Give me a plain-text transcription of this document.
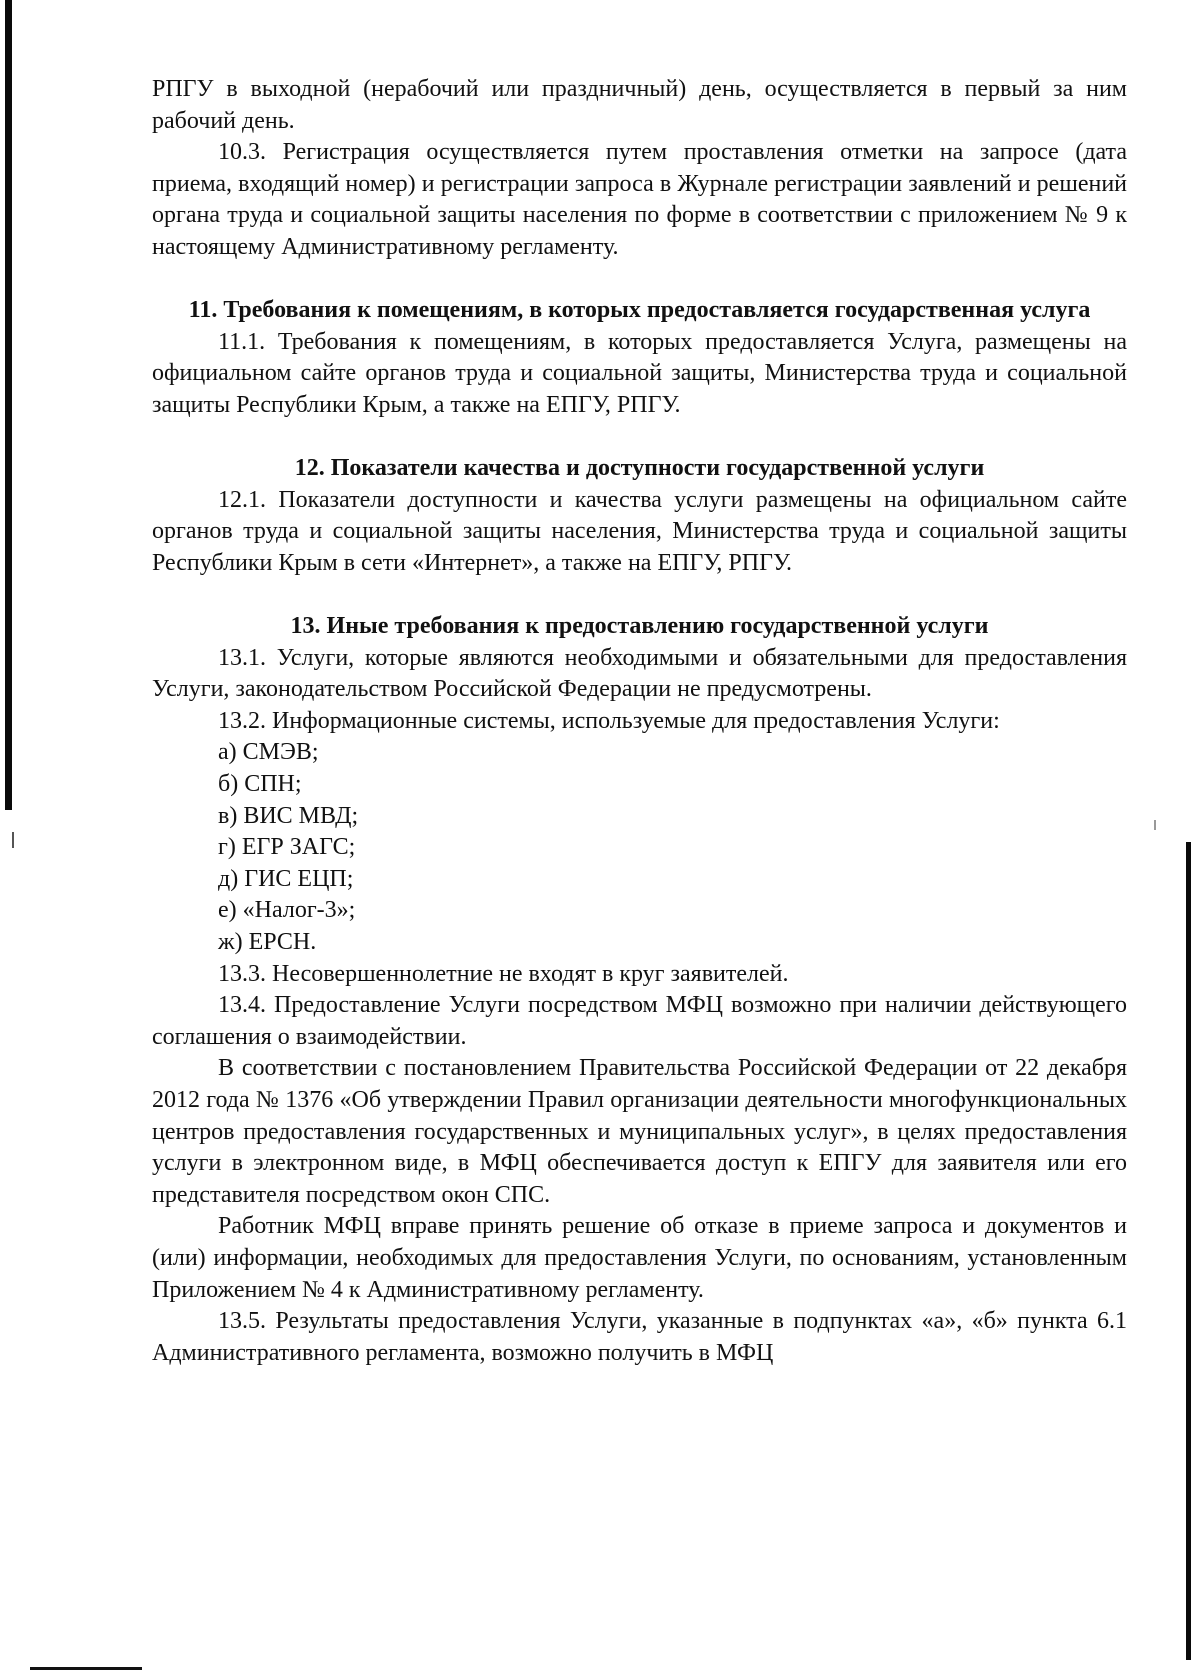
РПГУ в выходной (нерабочий или праздничный) день, осуществляется в первый за ним рабочий день.

10.3. Регистрация осуществляется путем проставления отметки на запросе (дата приема, входящий номер) и регистрации запроса в Журнале регистрации заявлений и решений органа труда и социальной защиты населения по форме в соответствии с приложением № 9 к настоящему Административному регламенту.

11. Требования к помещениям, в которых предоставляется государственная услуга

11.1. Требования к помещениям, в которых предоставляется Услуга, размещены на официальном сайте органов труда и социальной защиты, Министерства труда и социальной защиты Республики Крым, а также на ЕПГУ, РПГУ.

12. Показатели качества и доступности государственной услуги

12.1. Показатели доступности и качества услуги размещены на официальном сайте органов труда и социальной защиты населения, Министерства труда и социальной защиты Республики Крым в сети «Интернет», а также на ЕПГУ, РПГУ.

13. Иные требования к предоставлению государственной услуги

13.1. Услуги, которые являются необходимыми и обязательными для предоставления Услуги, законодательством Российской Федерации не предусмотрены.

13.2. Информационные системы, используемые для предоставления Услуги:

а) СМЭВ;

б) СПН;

в) ВИС МВД;

г) ЕГР ЗАГС;

д) ГИС ЕЦП;

е) «Налог-3»;

ж) ЕРСН.

13.3. Несовершеннолетние не входят в круг заявителей.

13.4. Предоставление Услуги посредством МФЦ возможно при наличии действующего соглашения о взаимодействии.

В соответствии с постановлением Правительства Российской Федерации от 22 декабря 2012 года № 1376 «Об утверждении Правил организации деятельности многофункциональных центров предоставления государственных и муниципальных услуг», в целях предоставления услуги в электронном виде, в МФЦ обеспечивается доступ к ЕПГУ для заявителя или его представителя посредством окон СПС.

Работник МФЦ вправе принять решение об отказе в приеме запроса и документов и (или) информации, необходимых для предоставления Услуги, по основаниям, установленным Приложением № 4 к Административному регламенту.

13.5. Результаты предоставления Услуги, указанные в подпунктах «а», «б» пункта 6.1 Административного регламента, возможно получить в МФЦ
